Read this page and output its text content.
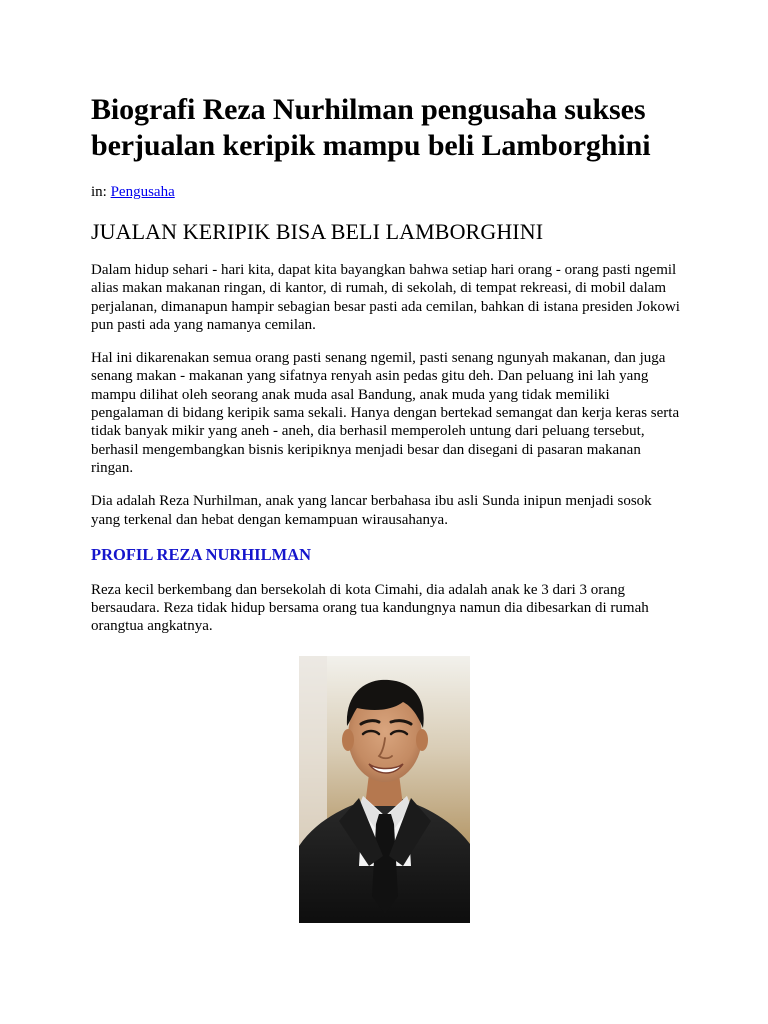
Biografi Reza Nurhilman pengusaha sukses berjualan keripik mampu beli Lamborghini
in: Pengusaha
JUALAN KERIPIK BISA BELI LAMBORGHINI

Dalam hidup sehari - hari kita, dapat kita bayangkan bahwa setiap hari orang - orang pasti ngemil alias makan makanan ringan, di kantor, di rumah, di sekolah, di tempat rekreasi, di mobil dalam perjalanan, dimanapun hampir sebagian besar pasti ada cemilan, bahkan di istana presiden Jokowi pun pasti ada yang namanya cemilan.

Hal ini dikarenakan semua orang pasti senang ngemil, pasti senang ngunyah makanan, dan juga senang makan - makanan yang sifatnya renyah asin pedas gitu deh. Dan peluang ini lah yang mampu dilihat oleh seorang anak muda asal Bandung, anak muda yang tidak memiliki pengalaman di bidang keripik sama sekali. Hanya dengan bertekad semangat dan kerja keras serta tidak banyak mikir yang aneh - aneh, dia berhasil memperoleh untung dari peluang tersebut, berhasil mengembangkan bisnis keripiknya menjadi besar dan disegani di pasaran makanan ringan.

Dia adalah Reza Nurhilman, anak yang lancar berbahasa ibu asli Sunda inipun menjadi sosok yang terkenal dan hebat dengan kemampuan wirausahanya.

PROFIL REZA NURHILMAN

Reza kecil berkembang dan bersekolah di kota Cimahi, dia adalah anak ke 3 dari 3 orang bersaudara. Reza tidak hidup bersama orang tua kandungnya namun dia dibesarkan di rumah orangtua angkatnya.
